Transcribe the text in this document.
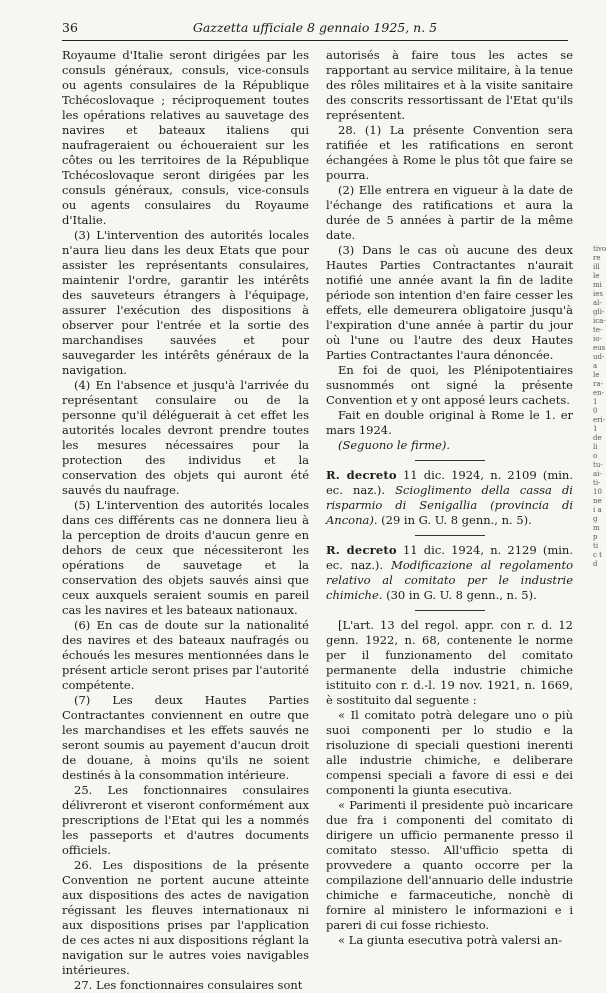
36	Gazzetta ufficiale 8 gennaio 1925, n. 5

Royaume d'Italie seront dirigées par les consuls généraux, consuls, vice-consuls ou agents consulaires de la République Tchécoslovaque ; réciproquement toutes les opérations relatives au sauvetage des navires et bateaux italiens qui naufrageraient ou échoueraient sur les côtes ou les territoires de la République Tchécoslovaque seront dirigées par les consuls généraux, consuls, vice-consuls ou agents consulaires du Royaume d'Italie.

(3) L'intervention des autorités locales n'aura lieu dans les deux Etats que pour assister les représentants consulaires, maintenir l'ordre, garantir les intérêts des sauveteurs étrangers à l'équipage, assurer l'exécution des dispositions à observer pour l'entrée et la sortie des marchandises sauvées et pour sauvegarder les intérêts généraux de la navigation.

(4) En l'absence et jusqu'à l'arrivée du représentant consulaire ou de la personne qu'il déléguerait à cet effet les autorités locales devront prendre toutes les mesures nécessaires pour la protection des individus et la conservation des objets qui auront été sauvés du naufrage.

(5) L'intervention des autorités locales dans ces différents cas ne donnera lieu à la perception de droits d'aucun genre en dehors de ceux que nécessiteront les opérations de sauvetage et la conservation des objets sauvés ainsi que ceux auxquels seraient soumis en pareil cas les navires et les bateaux nationaux.

(6) En cas de doute sur la nationalité des navires et des bateaux naufragés ou échoués les mesures mentionnées dans le présent article seront prises par l'autorité compétente.

(7) Les deux Hautes Parties Contractantes conviennent en outre que les marchandises et les effets sauvés ne seront soumis au payement d'aucun droit de douane, à moins qu'ils ne soient destinés à la consommation intérieure.

25. Les fonctionnaires consulaires délivreront et viseront conformément aux prescriptions de l'Etat qui les a nommés les passeports et d'autres documents officiels.

26. Les dispositions de la présente Convention ne portent aucune atteinte aux dispositions des actes de navigation régissant les fleuves internationaux ni aux dispositions prises par l'application de ces actes ni aux dispositions réglant la navigation sur le autres voies navigables intérieures.

27. Les fonctionnaires consulaires sont

autorisés à faire tous les actes se rapportant au service militaire, à la tenue des rôles militaires et à la visite sanitaire des conscrits ressortissant de l'Etat qu'ils représentent.

28. (1) La présente Convention sera ratifiée et les ratifications en seront échangées à Rome le plus tôt que faire se pourra.

(2) Elle entrera en vigueur à la date de l'échange des ratifications et aura la durée de 5 années à partir de la même date.

(3) Dans le cas où aucune des deux Hautes Parties Contractantes n'aurait notifié une année avant la fin de ladite période son intention d'en faire cesser les effets, elle demeurera obligatoire jusqu'à l'expiration d'une année à partir du jour où l'une ou l'autre des deux Hautes Parties Contractantes l'aura dénoncée.

En foi de quoi, les Plénipotentiaires susnommés ont signé la présente Convention et y ont apposé leurs cachets.

Fait en double original à Rome le 1. er mars 1924.

(Seguono le firme).

R. decreto 11 dic. 1924, n. 2109 (min. ec. naz.). Scioglimento della cassa di risparmio di Senigallia (provincia di Ancona). (29 in G. U. 8 genn., n. 5).

R. decreto 11 dic. 1924, n. 2129 (min. ec. naz.). Modificazione al regolamento relativo al comitato per le industrie chimiche. (30 in G. U. 8 genn., n. 5).

[L'art. 13 del regol. appr. con r. d. 12 genn. 1922, n. 68, contenente le norme per il funzionamento del comitato permanente della industrie chimiche istituito con r. d.-l. 19 nov. 1921, n. 1669, è sostituito dal seguente :

« Il comitato potrà delegare uno o più suoi componenti per lo studio e la risoluzione di speciali questioni inerenti alle industrie chimiche, e deliberare compensi speciali a favore di essi e dei componenti la giunta esecutiva.

« Parimenti il presidente può incaricare due fra i componenti del comitato di dirigere un ufficio permanente presso il comitato stesso. All'ufficio spetta di provvedere a quanto occorre per la compilazione dell'annuario delle industrie chimiche e farmaceutiche, nonchè di fornire al ministero le informazioni e i pareri di cui fosse richiesto.

« La giunta esecutiva potrà valersi an-

tivo re ill le mi ies al- gli- ica- te- io- eus ud- a le ra- en- 1 0 eri- 1 de li o tu- ai- ti- 10 ne i a g m p ti c t d
